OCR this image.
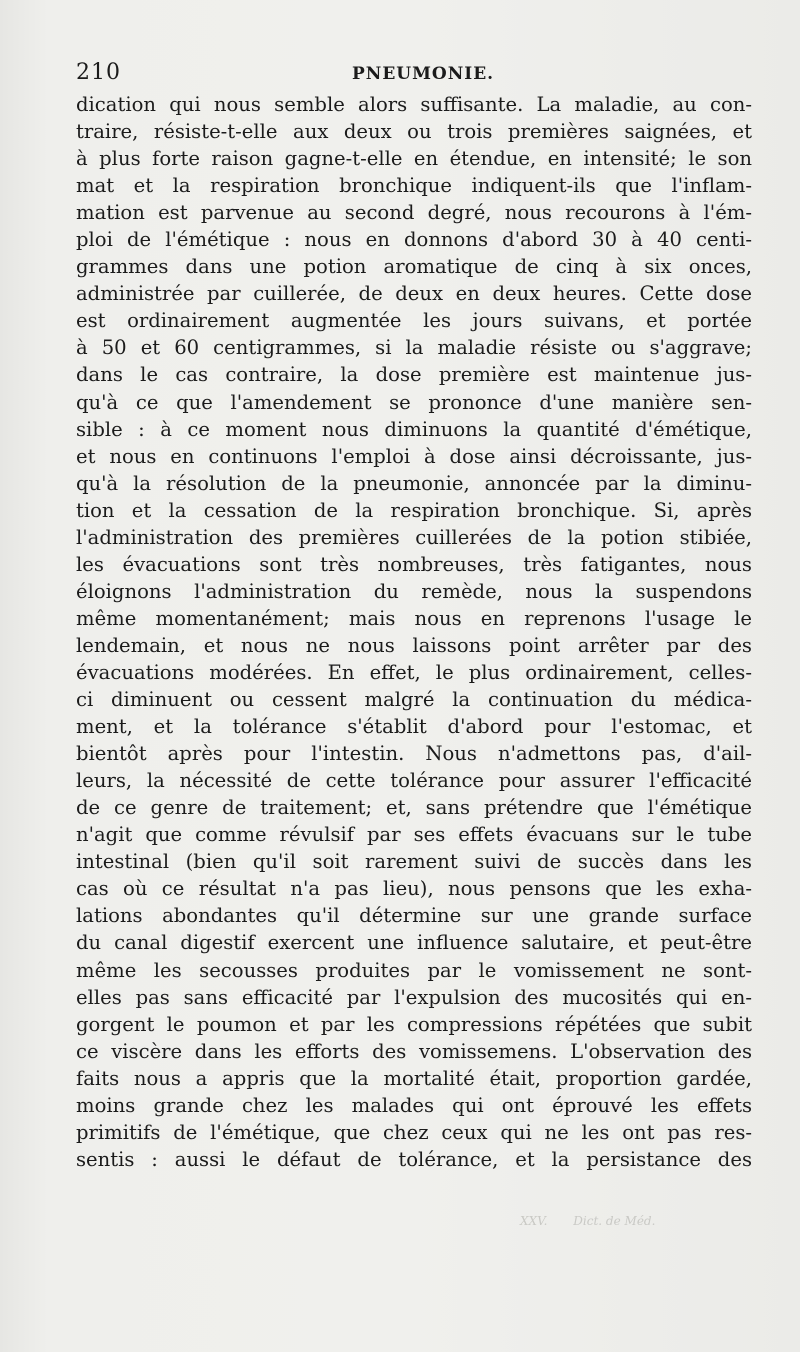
210	PNEUMONIE.
dication qui nous semble alors suffisante. La maladie, au con-
traire, résiste-t-elle aux deux ou trois premières saignées, et
à plus forte raison gagne-t-elle en étendue, en intensité; le son
mat et la respiration bronchique indiquent-ils que l'inflam-
mation est parvenue au second degré, nous recourons à l'ém-
ploi de l'émétique : nous en donnons d'abord 30 à 40 centi-
grammes dans une potion aromatique de cinq à six onces,
administrée par cuillerée, de deux en deux heures. Cette dose
est ordinairement augmentée les jours suivans, et portée
à 50 et 60 centigrammes, si la maladie résiste ou s'aggrave;
dans le cas contraire, la dose première est maintenue jus-
qu'à ce que l'amendement se prononce d'une manière sen-
sible : à ce moment nous diminuons la quantité d'émétique,
et nous en continuons l'emploi à dose ainsi décroissante, jus-
qu'à la résolution de la pneumonie, annoncée par la diminu-
tion et la cessation de la respiration bronchique. Si, après
l'administration des premières cuillerées de la potion stibiée,
les évacuations sont très nombreuses, très fatigantes, nous
éloignons l'administration du remède, nous la suspendons
même momentanément; mais nous en reprenons l'usage le
lendemain, et nous ne nous laissons point arrêter par des
évacuations modérées. En effet, le plus ordinairement, celles-
ci diminuent ou cessent malgré la continuation du médica-
ment, et la tolérance s'établit d'abord pour l'estomac, et
bientôt après pour l'intestin. Nous n'admettons pas, d'ail-
leurs, la nécessité de cette tolérance pour assurer l'efficacité
de ce genre de traitement; et, sans prétendre que l'émétique
n'agit que comme révulsif par ses effets évacuans sur le tube
intestinal (bien qu'il soit rarement suivi de succès dans les
cas où ce résultat n'a pas lieu), nous pensons que les exha-
lations abondantes qu'il détermine sur une grande surface
du canal digestif exercent une influence salutaire, et peut-être
même les secousses produites par le vomissement ne sont-
elles pas sans efficacité par l'expulsion des mucosités qui en-
gorgent le poumon et par les compressions répétées que subit
ce viscère dans les efforts des vomissemens. L'observation des
faits nous a appris que la mortalité était, proportion gardée,
moins grande chez les malades qui ont éprouvé les effets
primitifs de l'émétique, que chez ceux qui ne les ont pas res-
sentis : aussi le défaut de tolérance, et la persistance des
XXV. Dict. de Méd.
